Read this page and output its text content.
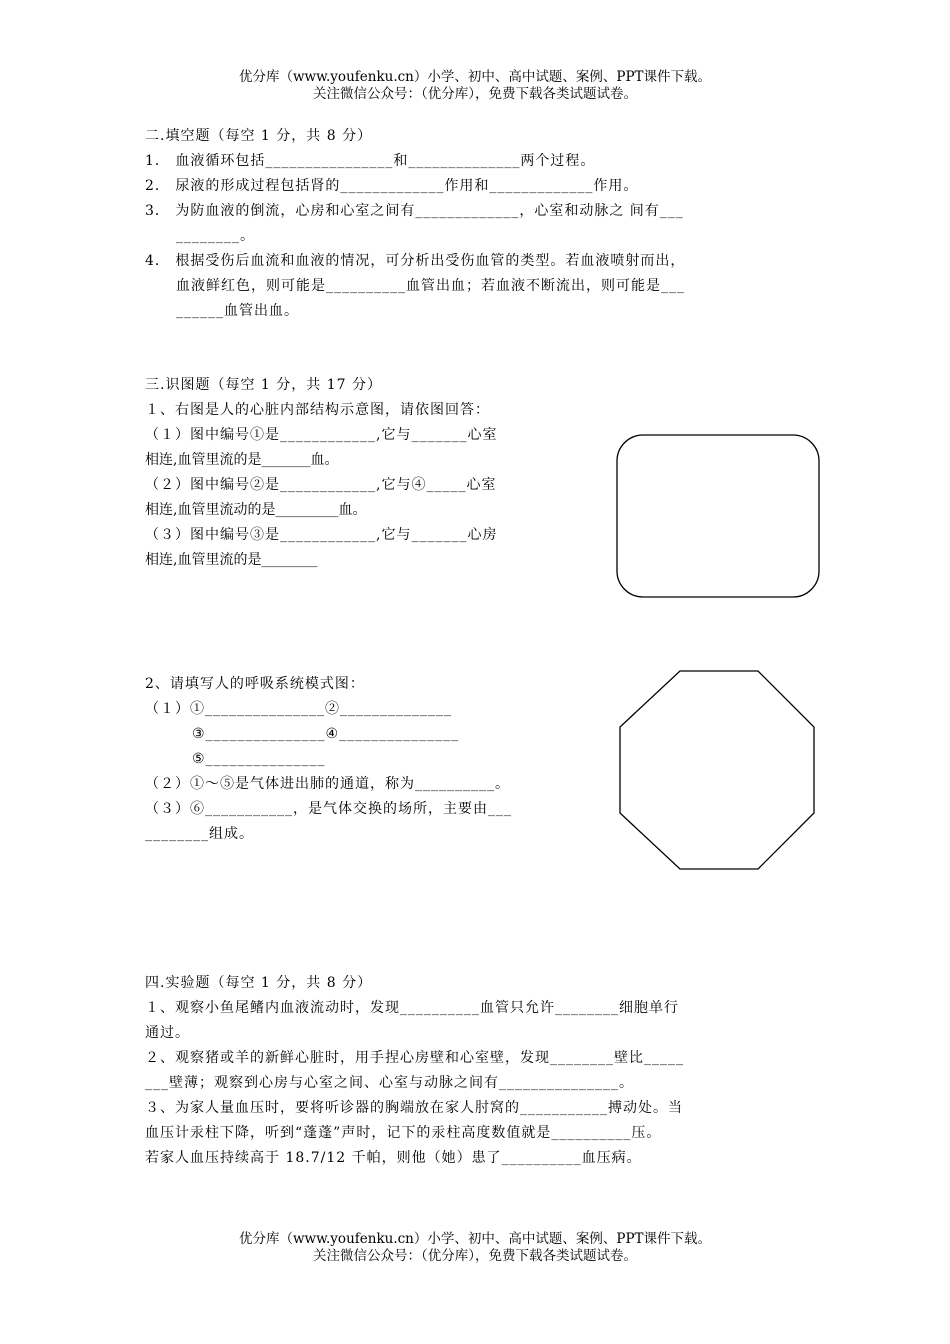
优分库（www.youfenku.cn）小学、初中、高中试题、案例、PPT课件下载。
关注微信公众号：（优分库），免费下载各类试题试卷。
二.填空题（每空 1 分，共 8 分）
1． 血液循环包括________________和______________两个过程。
2． 尿液的形成过程包括肾的_____________作用和_____________作用。
3． 为防血液的倒流，心房和心室之间有_____________，心室和动脉之 间有___
________。
4． 根据受伤后血流和血液的情况，可分析出受伤血管的类型。若血液喷射而出，
血液鲜红色，则可能是__________血管出血；若血液不断流出，则可能是___
______血管出血。
三.识图题（每空 1 分，共 17 分）
１、右图是人的心脏内部结构示意图，请依图回答：
（１）图中编号①是____________,它与_______心室
相连,血管里流的是_______血。
（２）图中编号②是____________,它与④_____心室
相连,血管里流动的是_________血。
（３）图中编号③是____________,它与_______心房
相连,血管里流的是________
2、请填写人的呼吸系统模式图：
（１）①_______________②______________
③_______________④_______________
⑤_______________
（２）①～⑤是气体进出肺的通道，称为__________。
（３）⑥___________，是气体交换的场所，主要由___
________组成。
四.实验题（每空 1 分，共 8 分）
１、观察小鱼尾鳍内血液流动时，发现__________血管只允许________细胞单行
通过。
２、观察猪或羊的新鲜心脏时，用手捏心房壁和心室壁，发现________壁比_____
___壁薄；观察到心房与心室之间、心室与动脉之间有_______________。
３、为家人量血压时，要将听诊器的胸端放在家人肘窝的___________搏动处。当
血压计汞柱下降，听到“蓬蓬”声时，记下的汞柱高度数值就是__________压。
若家人血压持续高于 18.7/12 千帕，则他（她）患了__________血压病。
优分库（www.youfenku.cn）小学、初中、高中试题、案例、PPT课件下载。
关注微信公众号：（优分库），免费下载各类试题试卷。
